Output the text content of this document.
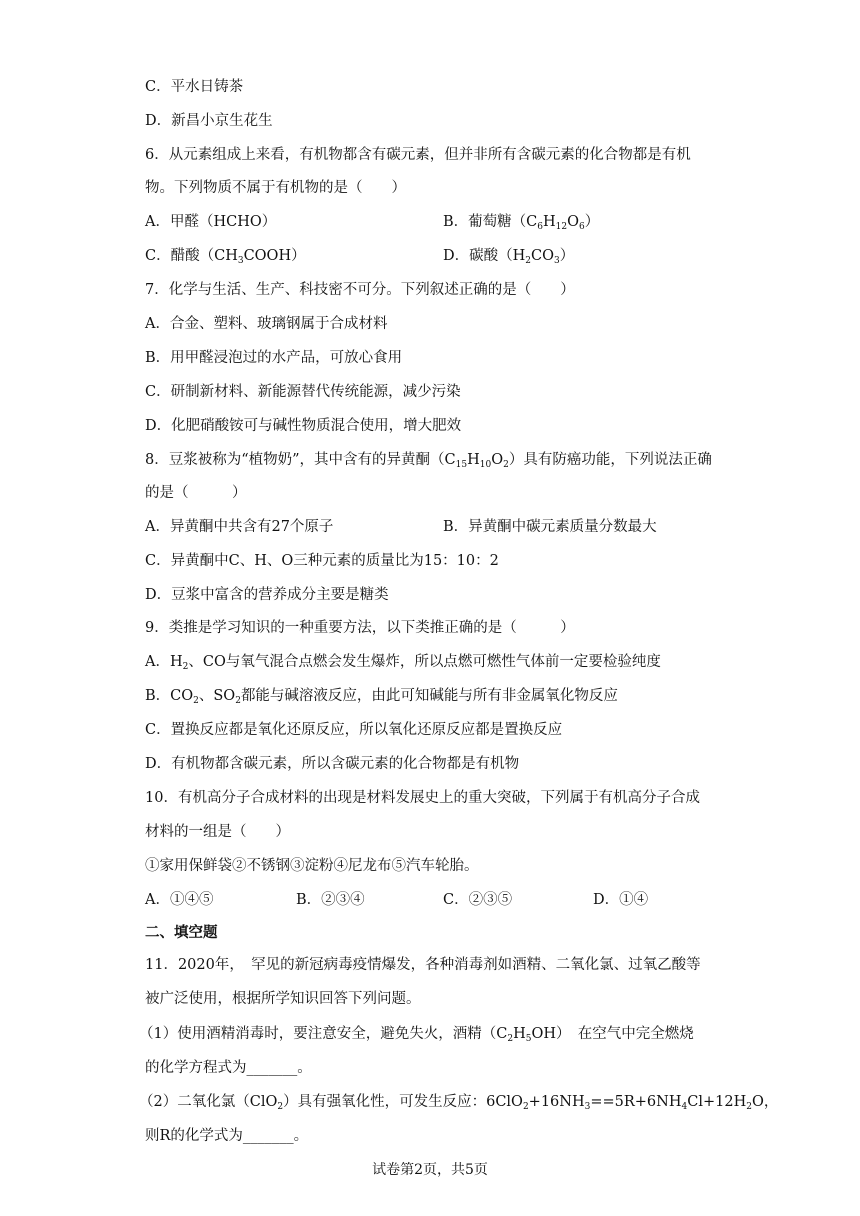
C．平水日铸茶
D．新昌小京生花生
6．从元素组成上来看，有机物都含有碳元素，但并非所有含碳元素的化合物都是有机
物。下列物质不属于有机物的是（　　）
A．甲醛（HCHO）	B．葡萄糖$(C_6H_{12}O_6)$
C．醋酸$(CH_3COOH)$	D．碳酸$(H_2CO_3)$
7．化学与生活、生产、科技密不可分。下列叙述正确的是（　　）
A．合金、塑料、玻璃钢属于合成材料
B．用甲醛浸泡过的水产品，可放心食用
C．研制新材料、新能源替代传统能源，减少污染
D．化肥硝酸铵可与碱性物质混合使用，增大肥效
8．豆浆被称为“植物奶”，其中含有的异黄酮$(C_{15}H_{10}O_2)$具有防癌功能，下列说法正确
的是（　　　）
A．异黄酮中共含有27个原子	B．异黄酮中碳元素质量分数最大
C．异黄酮中C、H、O三种元素的质量比为15：10：2
D．豆浆中富含的营养成分主要是糖类
9．类推是学习知识的一种重要方法，以下类推正确的是（　　　）
A．$H_2$、CO与氧气混合点燃会发生爆炸，所以点燃可燃性气体前一定要检验纯度
B．$CO_2$、$SO_2$都能与碱溶液反应，由此可知碱能与所有非金属氧化物反应
C．置换反应都是氧化还原反应，所以氧化还原反应都是置换反应
D．有机物都含碳元素，所以含碳元素的化合物都是有机物
10．有机高分子合成材料的出现是材料发展史上的重大突破，下列属于有机高分子合成
材料的一组是（　　）
①家用保鲜袋②不锈钢③淀粉④尼龙布⑤汽车轮胎。
A．①④⑤	B．②③④	C．②③⑤	D．①④
二、填空题
11．2020年，　罕见的新冠病毒疫情爆发，各种消毒剂如酒精、二氧化氯、过氧乙酸等
被广泛使用，根据所学知识回答下列问题。
（1）使用酒精消毒时，要注意安全，避免失火，酒精$(C_2H_5OH)$　在空气中完全燃烧
的化学方程式为_______。
（2）二氧化氯（ClO$_2$）具有强氧化性，可发生反应：$6ClO_2+16NH_3==5R+6NH_4Cl+12H_2O$，
则R的化学式为_______。
试卷第2页，共5页
